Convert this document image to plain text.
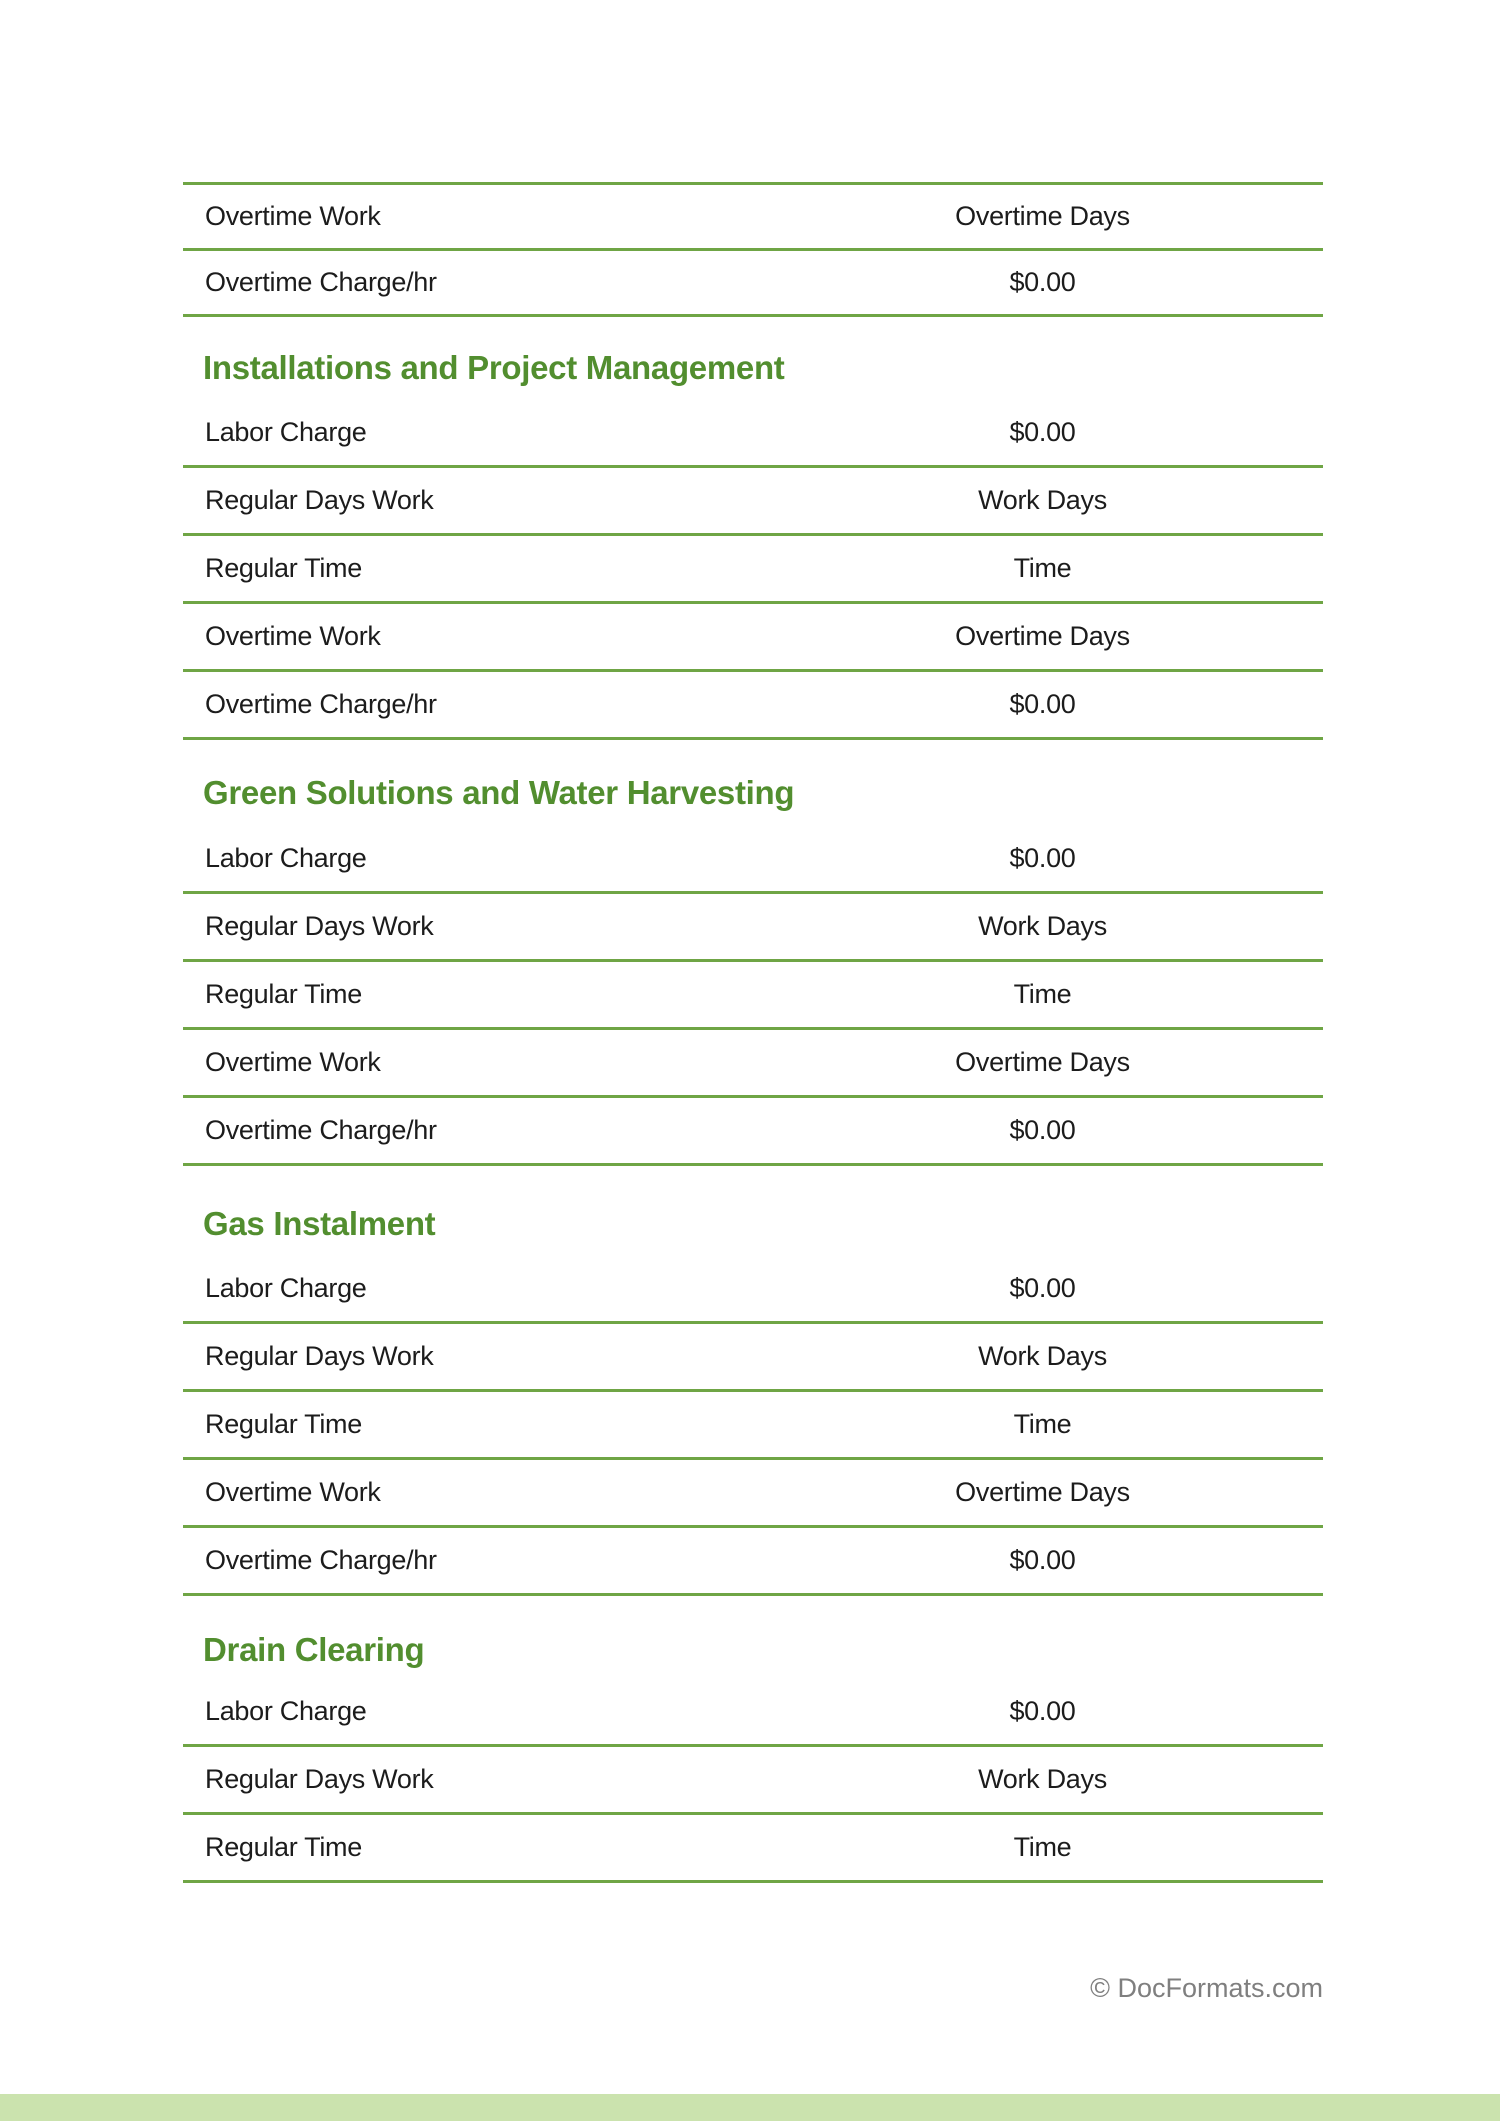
Overtime Work	Overtime Days
Overtime Charge/hr	$0.00
Installations and Project Management
Labor Charge	$0.00
Regular Days Work	Work Days
Regular Time	Time
Overtime Work	Overtime Days
Overtime Charge/hr	$0.00
Green Solutions and Water Harvesting
Labor Charge	$0.00
Regular Days Work	Work Days
Regular Time	Time
Overtime Work	Overtime Days
Overtime Charge/hr	$0.00
Gas Instalment
Labor Charge	$0.00
Regular Days Work	Work Days
Regular Time	Time
Overtime Work	Overtime Days
Overtime Charge/hr	$0.00
Drain Clearing
Labor Charge	$0.00
Regular Days Work	Work Days
Regular Time	Time
© DocFormats.com
